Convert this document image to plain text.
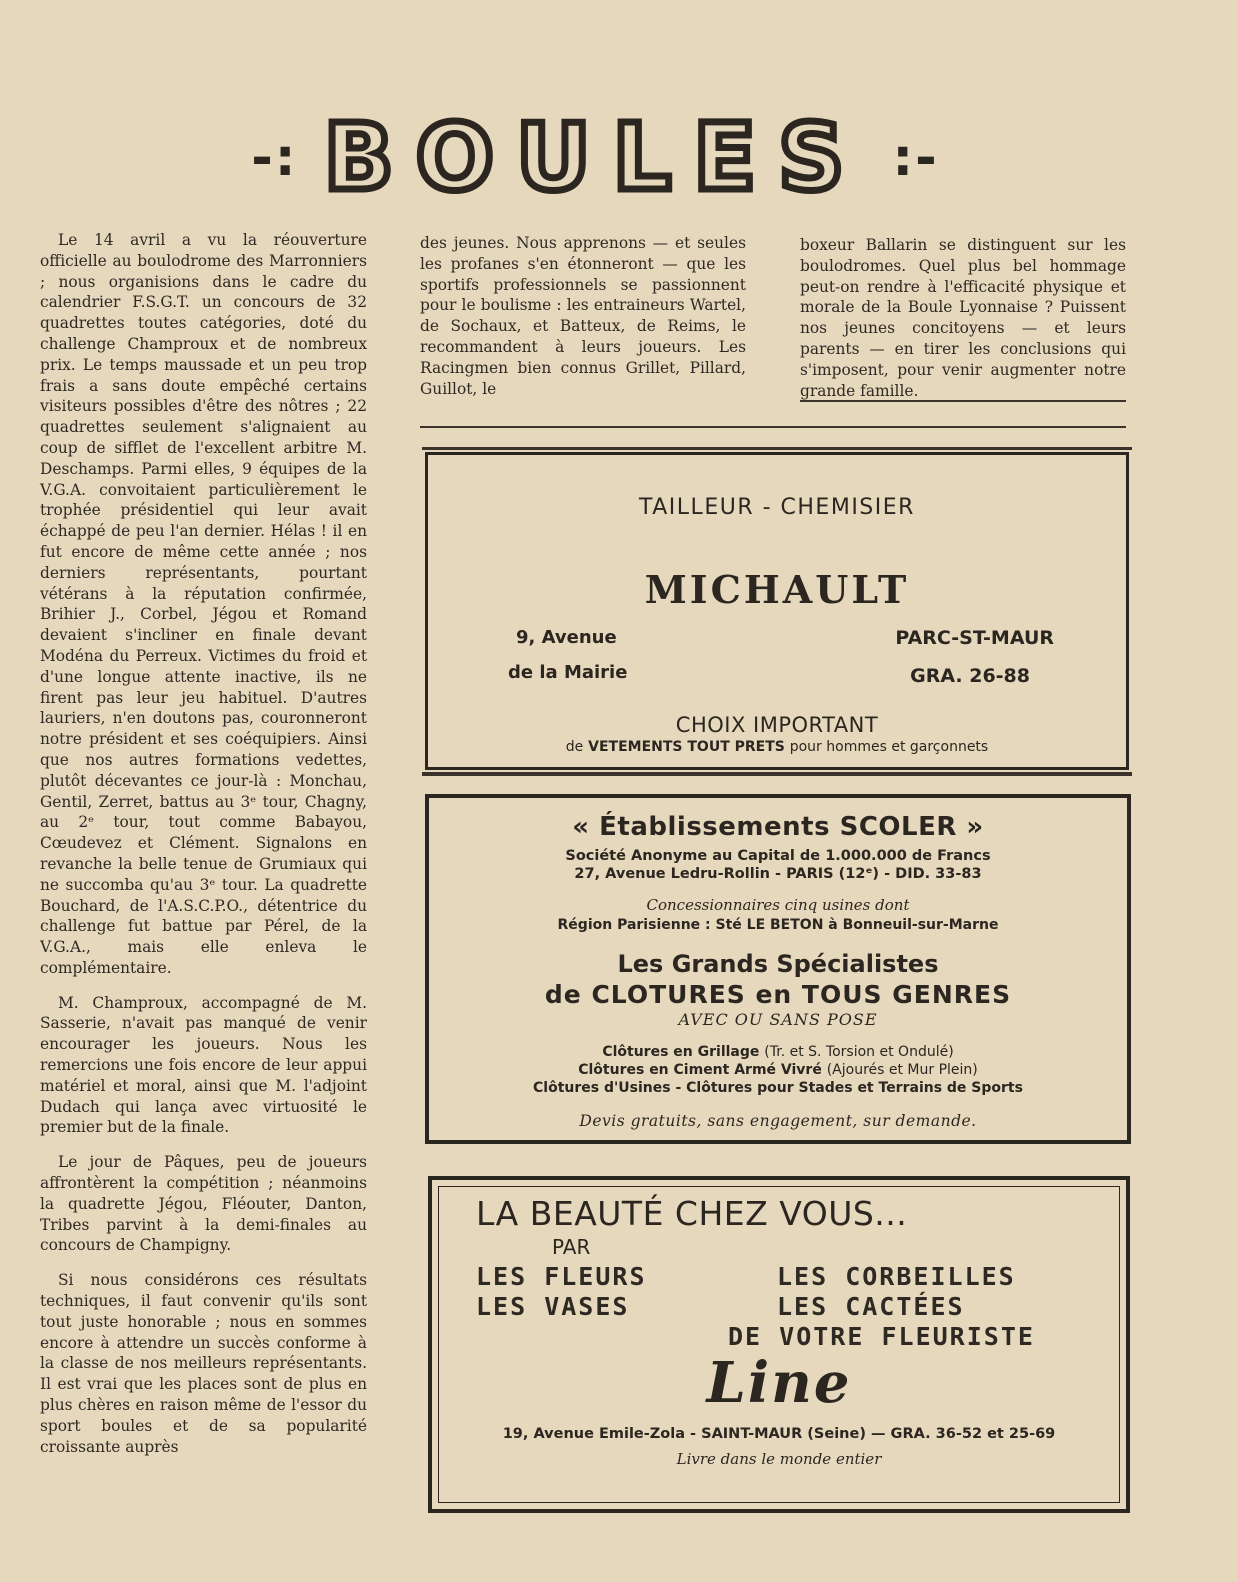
-: BOULES :-

Le 14 avril a vu la réouverture officielle au boulodrome des Marronniers ; nous organisions dans le cadre du calendrier F.S.G.T. un concours de 32 quadrettes toutes catégories, doté du challenge Champroux et de nombreux prix. Le temps maussade et un peu trop frais a sans doute empêché certains visiteurs possibles d'être des nôtres ; 22 quadrettes seulement s'alignaient au coup de sifflet de l'excellent arbitre M. Deschamps. Parmi elles, 9 équipes de la V.G.A. convoitaient particulièrement le trophée présidentiel qui leur avait échappé de peu l'an dernier. Hélas ! il en fut encore de même cette année ; nos derniers représentants, pourtant vétérans à la réputation confirmée, Brihier J., Corbel, Jégou et Romand devaient s'incliner en finale devant Modéna du Perreux. Victimes du froid et d'une longue attente inactive, ils ne firent pas leur jeu habituel. D'autres lauriers, n'en doutons pas, couronneront notre président et ses coéquipiers. Ainsi que nos autres formations vedettes, plutôt décevantes ce jour-là : Monchau, Gentil, Zerret, battus au 3ᵉ tour, Chagny, au 2ᵉ tour, tout comme Babayou, Cœudevez et Clément. Signalons en revanche la belle tenue de Grumiaux qui ne succomba qu'au 3ᵉ tour. La quadrette Bouchard, de l'A.S.C.P.O., détentrice du challenge fut battue par Pérel, de la V.G.A., mais elle enleva le complémentaire.

M. Champroux, accompagné de M. Sasserie, n'avait pas manqué de venir encourager les joueurs. Nous les remercions une fois encore de leur appui matériel et moral, ainsi que M. l'adjoint Dudach qui lança avec virtuosité le premier but de la finale.

Le jour de Pâques, peu de joueurs affrontèrent la compétition ; néanmoins la quadrette Jégou, Fléouter, Danton, Tribes parvint à la demi-finales au concours de Champigny.

Si nous considérons ces résultats techniques, il faut convenir qu'ils sont tout juste honorable ; nous en sommes encore à attendre un succès conforme à la classe de nos meilleurs représentants. Il est vrai que les places sont de plus en plus chères en raison même de l'essor du sport boules et de sa popularité croissante auprès

des jeunes. Nous apprenons — et seules les profanes s'en étonneront — que les sportifs professionnels se passionnent pour le boulisme : les entraineurs Wartel, de Sochaux, et Batteux, de Reims, le recommandent à leurs joueurs. Les Racingmen bien connus Grillet, Pillard, Guillot, le

boxeur Ballarin se distinguent sur les boulodromes. Quel plus bel hommage peut-on rendre à l'efficacité physique et morale de la Boule Lyonnaise ? Puissent nos jeunes concitoyens — et leurs parents — en tirer les conclusions qui s'imposent, pour venir augmenter notre grande famille.

TAILLEUR - CHEMISIER
MICHAULT
9, Avenue
de la Mairie
PARC-ST-MAUR
GRA. 26-88
CHOIX IMPORTANT
de VETEMENTS TOUT PRETS pour hommes et garçonnets
« Établissements SCOLER »
Société Anonyme au Capital de 1.000.000 de Francs
27, Avenue Ledru-Rollin - PARIS (12ᵉ) - DID. 33-83
Concessionnaires cinq usines dont
Région Parisienne : Sté LE BETON à Bonneuil-sur-Marne
Les Grands Spécialistes
de CLOTURES en TOUS GENRES
AVEC OU SANS POSE
Clôtures en Grillage (Tr. et S. Torsion et Ondulé)
Clôtures en Ciment Armé Vivré (Ajourés et Mur Plein)
Clôtures d'Usines - Clôtures pour Stades et Terrains de Sports
Devis gratuits, sans engagement, sur demande.
LA BEAUTÉ CHEZ VOUS...
PAR
LES FLEURS	LES CORBEILLES
LES VASES	LES CACTÉES
DE VOTRE FLEURISTE
Line
19, Avenue Emile-Zola - SAINT-MAUR (Seine) — GRA. 36-52 et 25-69
Livre dans le monde entier
